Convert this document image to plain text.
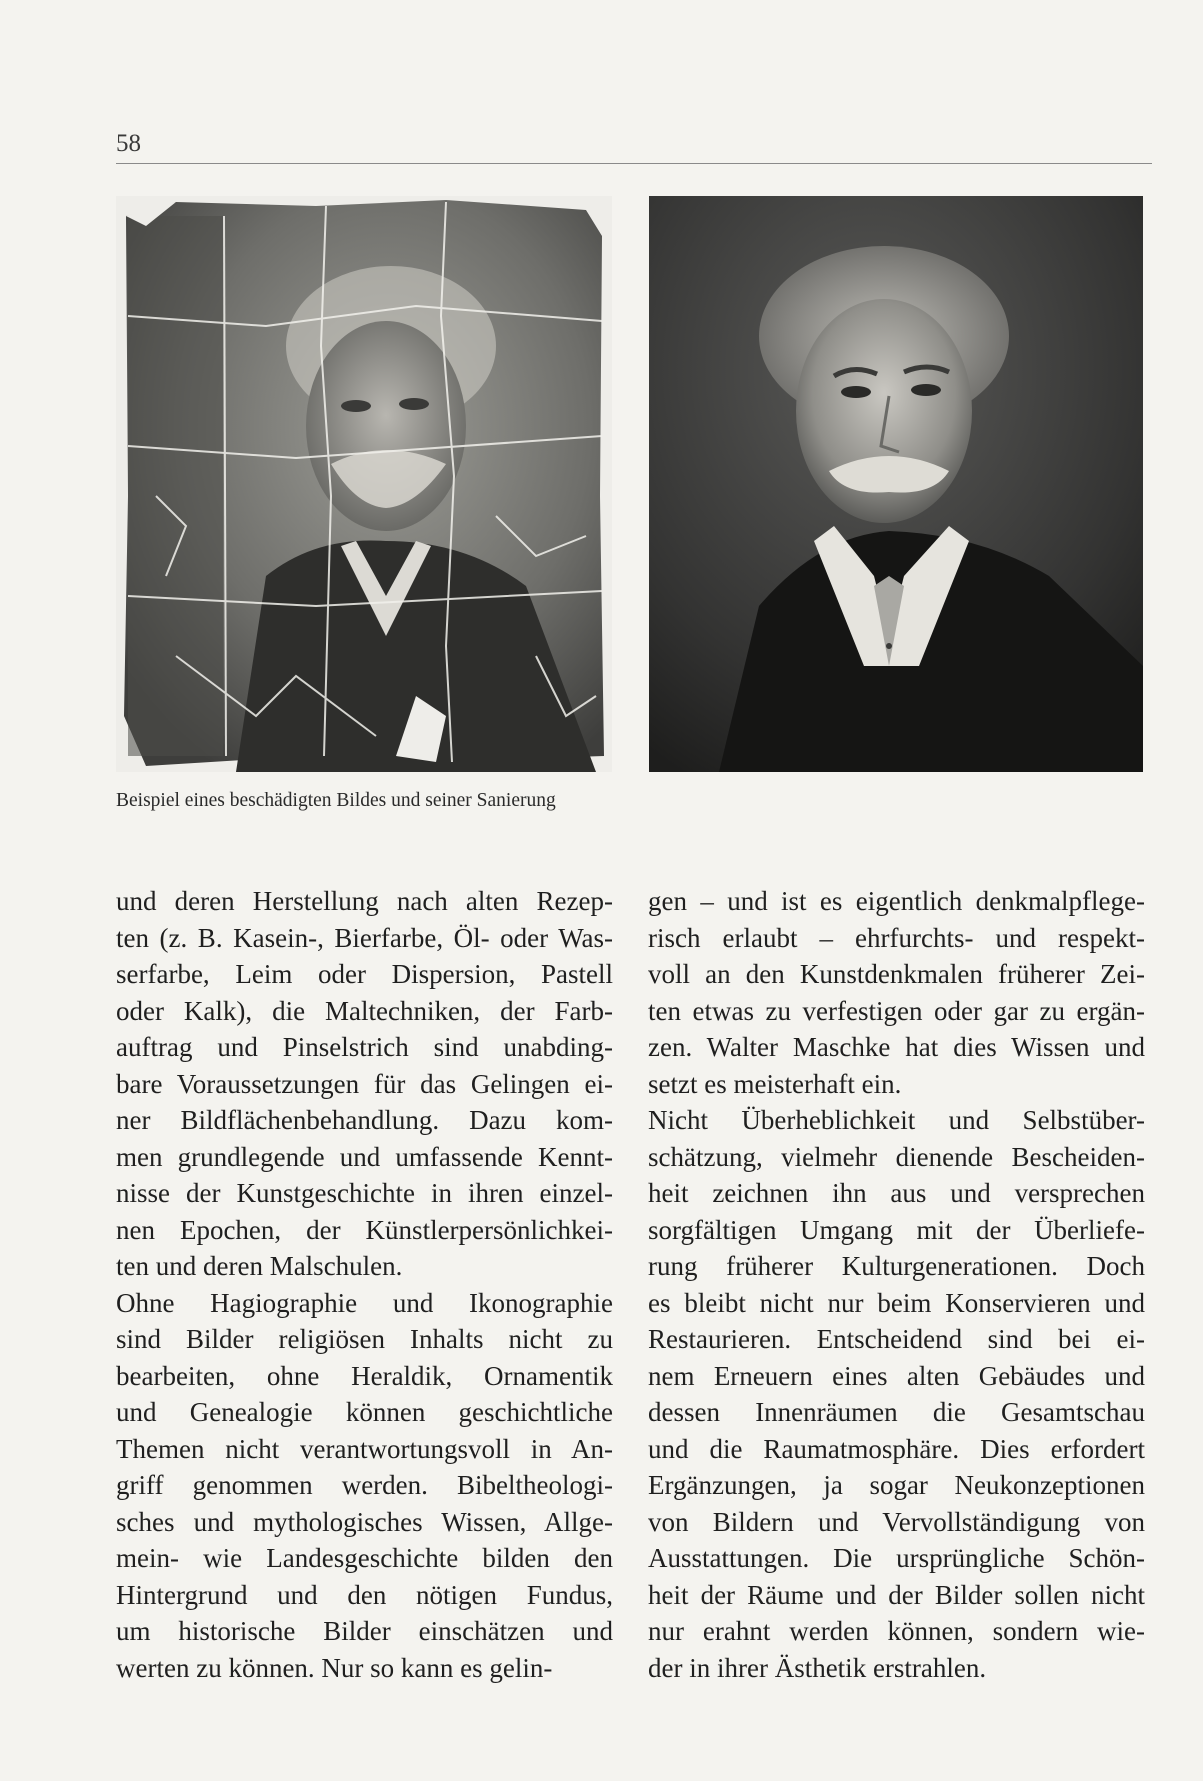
58
Beispiel eines beschädigten Bildes und seiner Sanierung
und deren Herstellung nach alten Rezep-
ten (z. B. Kasein-, Bierfarbe, Öl- oder Was-
serfarbe, Leim oder Dispersion, Pastell
oder Kalk), die Maltechniken, der Farb-
auftrag und Pinselstrich sind unabding-
bare Voraussetzungen für das Gelingen ei-
ner Bildflächenbehandlung. Dazu kom-
men grundlegende und umfassende Kennt-
nisse der Kunstgeschichte in ihren einzel-
nen Epochen, der Künstlerpersönlichkei-
ten und deren Malschulen.
Ohne Hagiographie und Ikonographie
sind Bilder religiösen Inhalts nicht zu
bearbeiten, ohne Heraldik, Ornamentik
und Genealogie können geschichtliche
Themen nicht verantwortungsvoll in An-
griff genommen werden. Bibeltheologi-
sches und mythologisches Wissen, Allge-
mein- wie Landesgeschichte bilden den
Hintergrund und den nötigen Fundus,
um historische Bilder einschätzen und
werten zu können. Nur so kann es gelin-
gen – und ist es eigentlich denkmalpflege-
risch erlaubt – ehrfurchts- und respekt-
voll an den Kunstdenkmalen früherer Zei-
ten etwas zu verfestigen oder gar zu ergän-
zen. Walter Maschke hat dies Wissen und
setzt es meisterhaft ein.
Nicht Überheblichkeit und Selbstüber-
schätzung, vielmehr dienende Bescheiden-
heit zeichnen ihn aus und versprechen
sorgfältigen Umgang mit der Überliefe-
rung früherer Kulturgenerationen. Doch
es bleibt nicht nur beim Konservieren und
Restaurieren. Entscheidend sind bei ei-
nem Erneuern eines alten Gebäudes und
dessen Innenräumen die Gesamtschau
und die Raumatmosphäre. Dies erfordert
Ergänzungen, ja sogar Neukonzeptionen
von Bildern und Vervollständigung von
Ausstattungen. Die ursprüngliche Schön-
heit der Räume und der Bilder sollen nicht
nur erahnt werden können, sondern wie-
der in ihrer Ästhetik erstrahlen.
